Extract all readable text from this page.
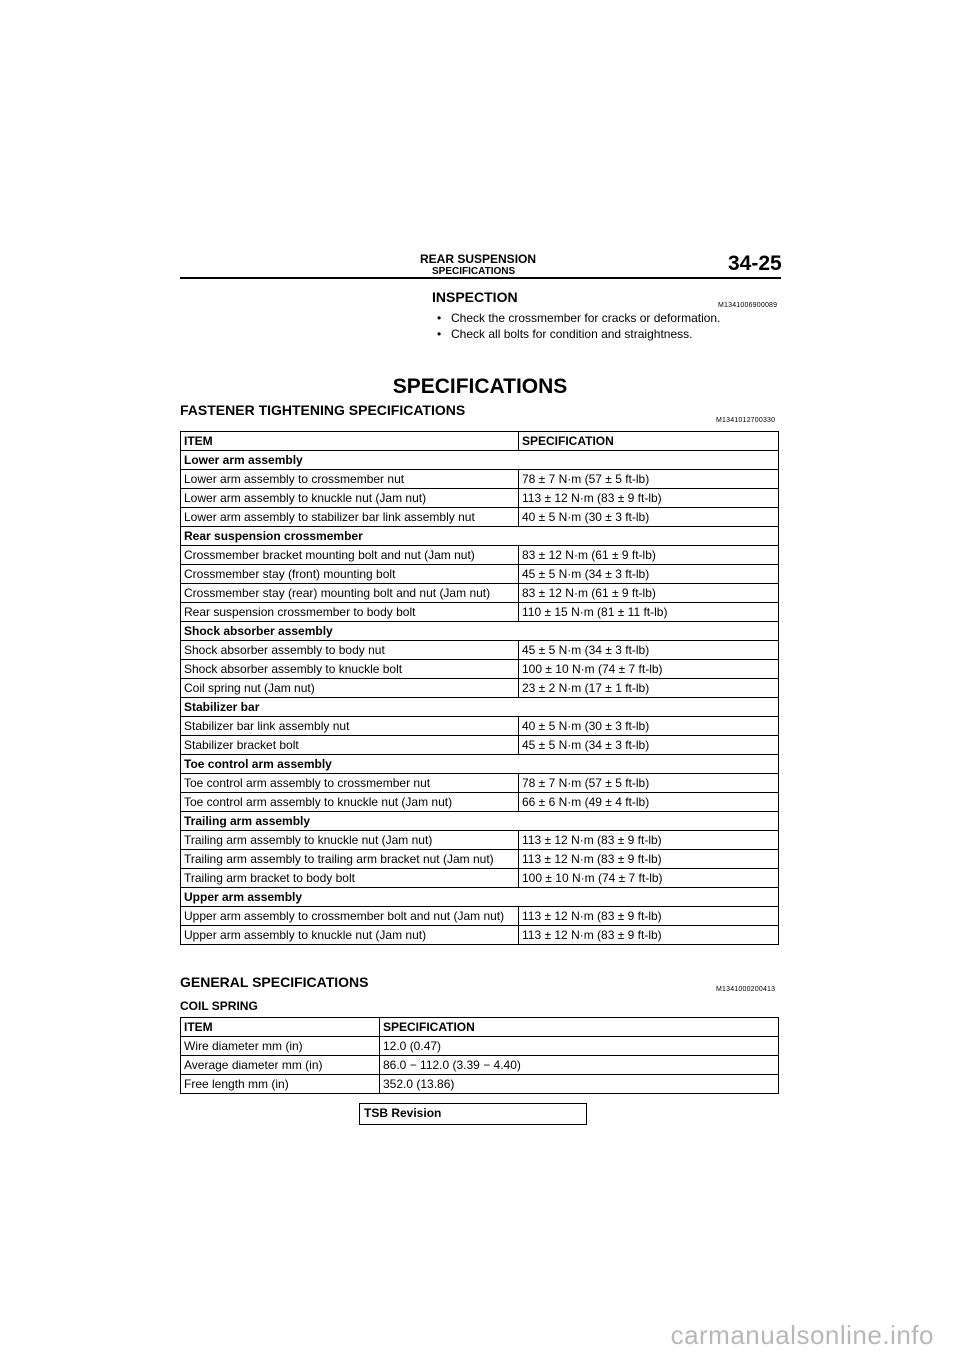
REAR SUSPENSION
SPECIFICATIONS	34-25
INSPECTION
M1341006900089
• Check the crossmember for cracks or deformation.
• Check all bolts for condition and straightness.
SPECIFICATIONS
FASTENER TIGHTENING SPECIFICATIONS
M1341012700330
ITEM	SPECIFICATION
Lower arm assembly	
Lower arm assembly to crossmember nut	78 ± 7 N·m (57 ± 5 ft-lb)
Lower arm assembly to knuckle nut (Jam nut)	113 ± 12 N·m (83 ± 9 ft-lb)
Lower arm assembly to stabilizer bar link assembly nut	40 ± 5 N·m (30 ± 3 ft-lb)
Rear suspension crossmember	
Crossmember bracket mounting bolt and nut (Jam nut)	83 ± 12 N·m (61 ± 9 ft-lb)
Crossmember stay (front) mounting bolt	45 ± 5 N·m (34 ± 3 ft-lb)
Crossmember stay (rear) mounting bolt and nut (Jam nut)	83 ± 12 N·m (61 ± 9 ft-lb)
Rear suspension crossmember to body bolt	110 ± 15 N·m (81 ± 11 ft-lb)
Shock absorber assembly	
Shock absorber assembly to body nut	45 ± 5 N·m (34 ± 3 ft-lb)
Shock absorber assembly to knuckle bolt	100 ± 10 N·m (74 ± 7 ft-lb)
Coil spring nut (Jam nut)	23 ± 2 N·m (17 ± 1 ft-lb)
Stabilizer bar	
Stabilizer bar link assembly nut	40 ± 5 N·m (30 ± 3 ft-lb)
Stabilizer bracket bolt	45 ± 5 N·m (34 ± 3 ft-lb)
Toe control arm assembly	
Toe control arm assembly to crossmember nut	78 ± 7 N·m (57 ± 5 ft-lb)
Toe control arm assembly to knuckle nut (Jam nut)	66 ± 6 N·m (49 ± 4 ft-lb)
Trailing arm assembly	
Trailing arm assembly to knuckle nut (Jam nut)	113 ± 12 N·m (83 ± 9 ft-lb)
Trailing arm assembly to trailing arm bracket nut (Jam nut)	113 ± 12 N·m (83 ± 9 ft-lb)
Trailing arm bracket to body bolt	100 ± 10 N·m (74 ± 7 ft-lb)
Upper arm assembly	
Upper arm assembly to crossmember bolt and nut (Jam nut)	113 ± 12 N·m (83 ± 9 ft-lb)
Upper arm assembly to knuckle nut (Jam nut)	113 ± 12 N·m (83 ± 9 ft-lb)
GENERAL SPECIFICATIONS	M1341000200413
COIL SPRING
ITEM	SPECIFICATION
Wire diameter mm (in)	12.0 (0.47)
Average diameter mm (in)	86.0 − 112.0 (3.39 − 4.40)
Free length mm (in)	352.0 (13.86)
TSB Revision
carmanualsonline.info
